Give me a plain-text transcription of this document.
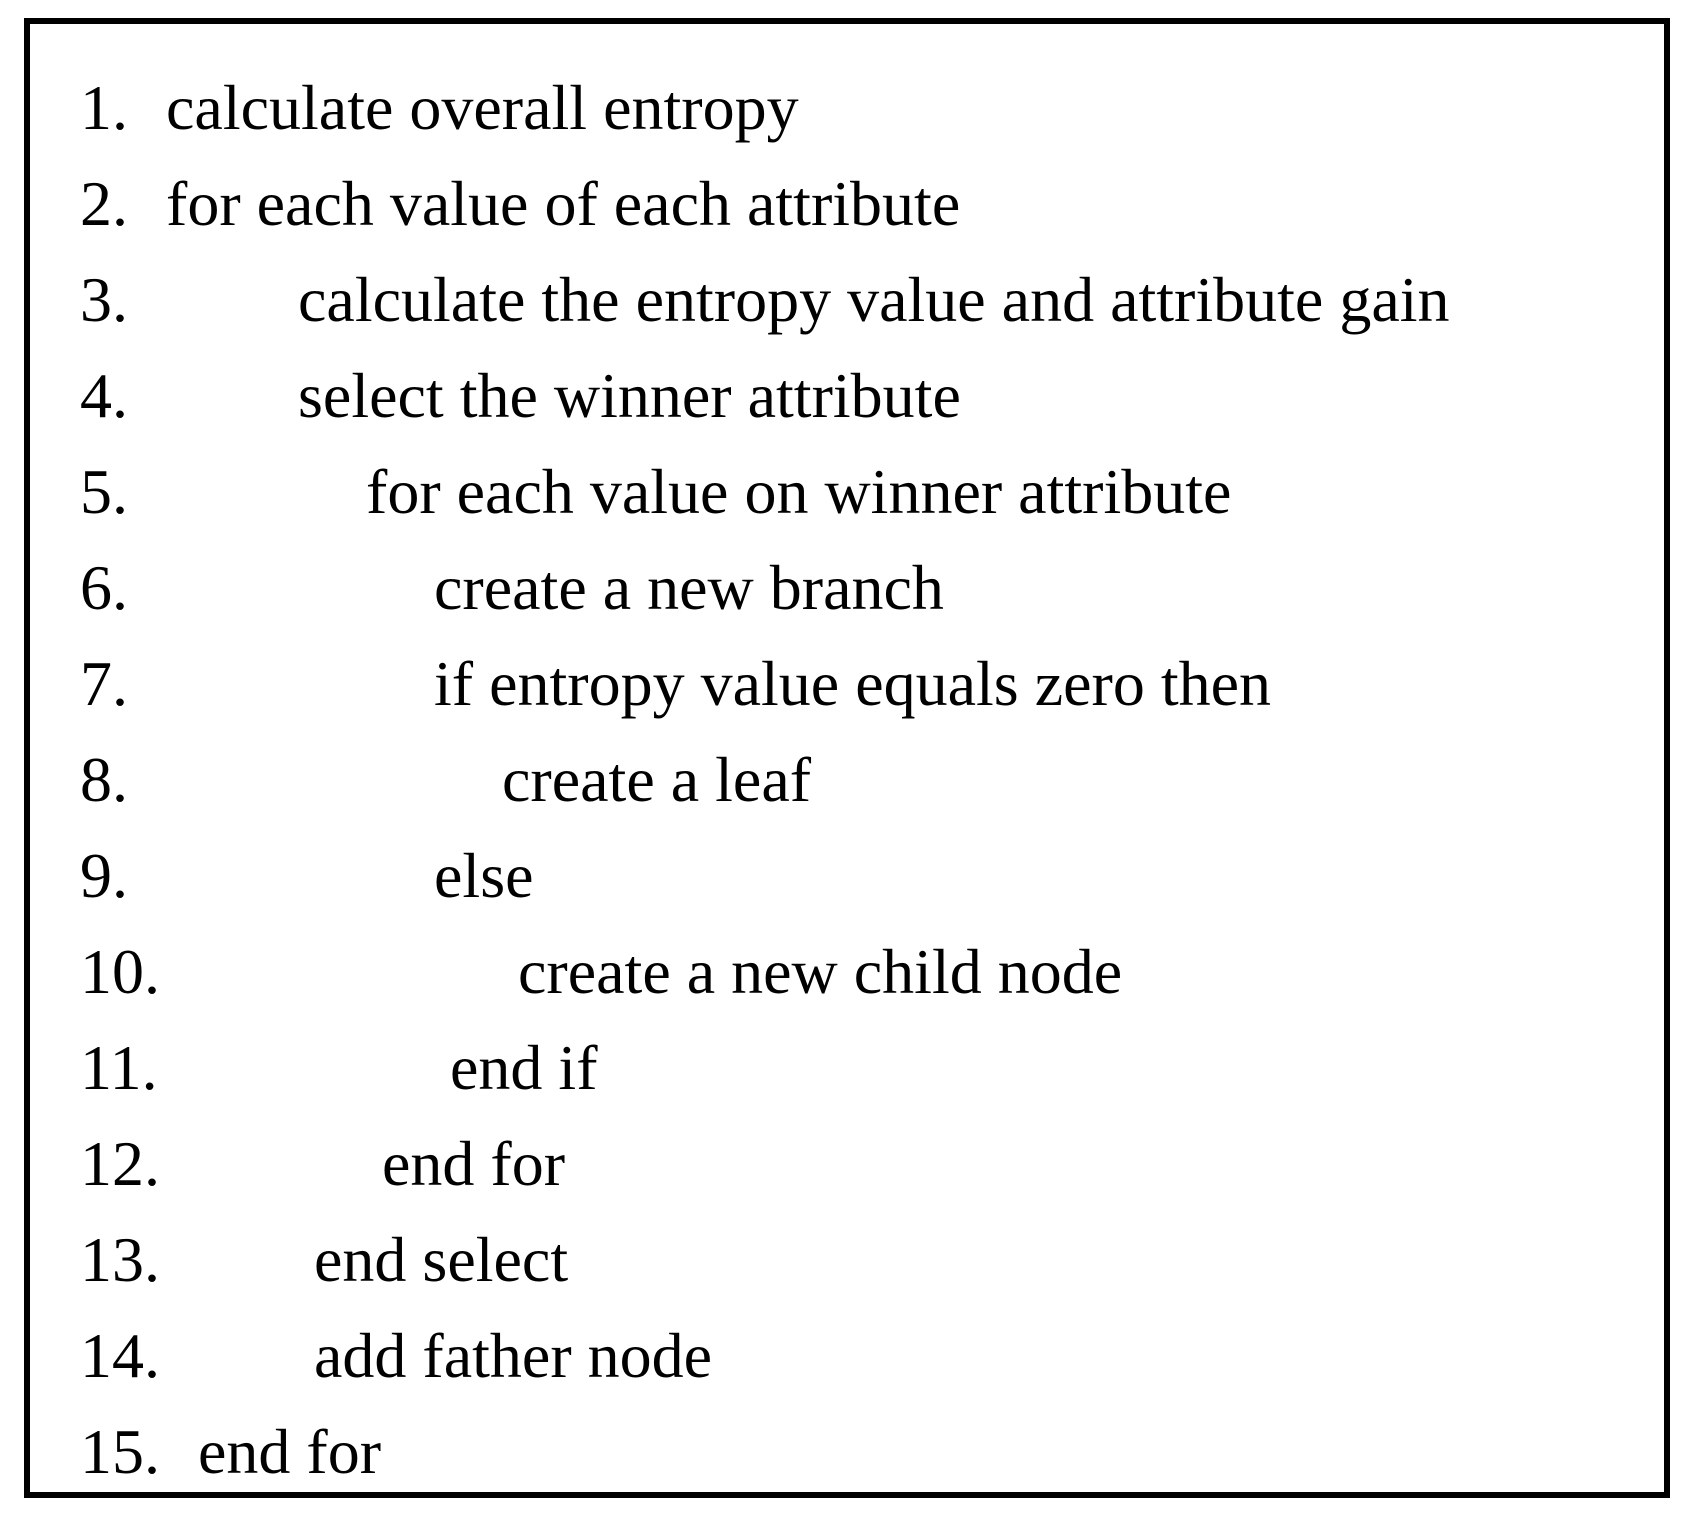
1. calculate overall entropy
2. for each value of each attribute
3.	calculate the entropy value and attribute gain
4.	select the winner attribute
5.	for each value on winner attribute
6.	create a new branch
7.	if entropy value equals zero then
8.	create a leaf
9.	else
10.	create a new child node
11.	end if
12.	end for
13. end select
14. add father node
15. end for
